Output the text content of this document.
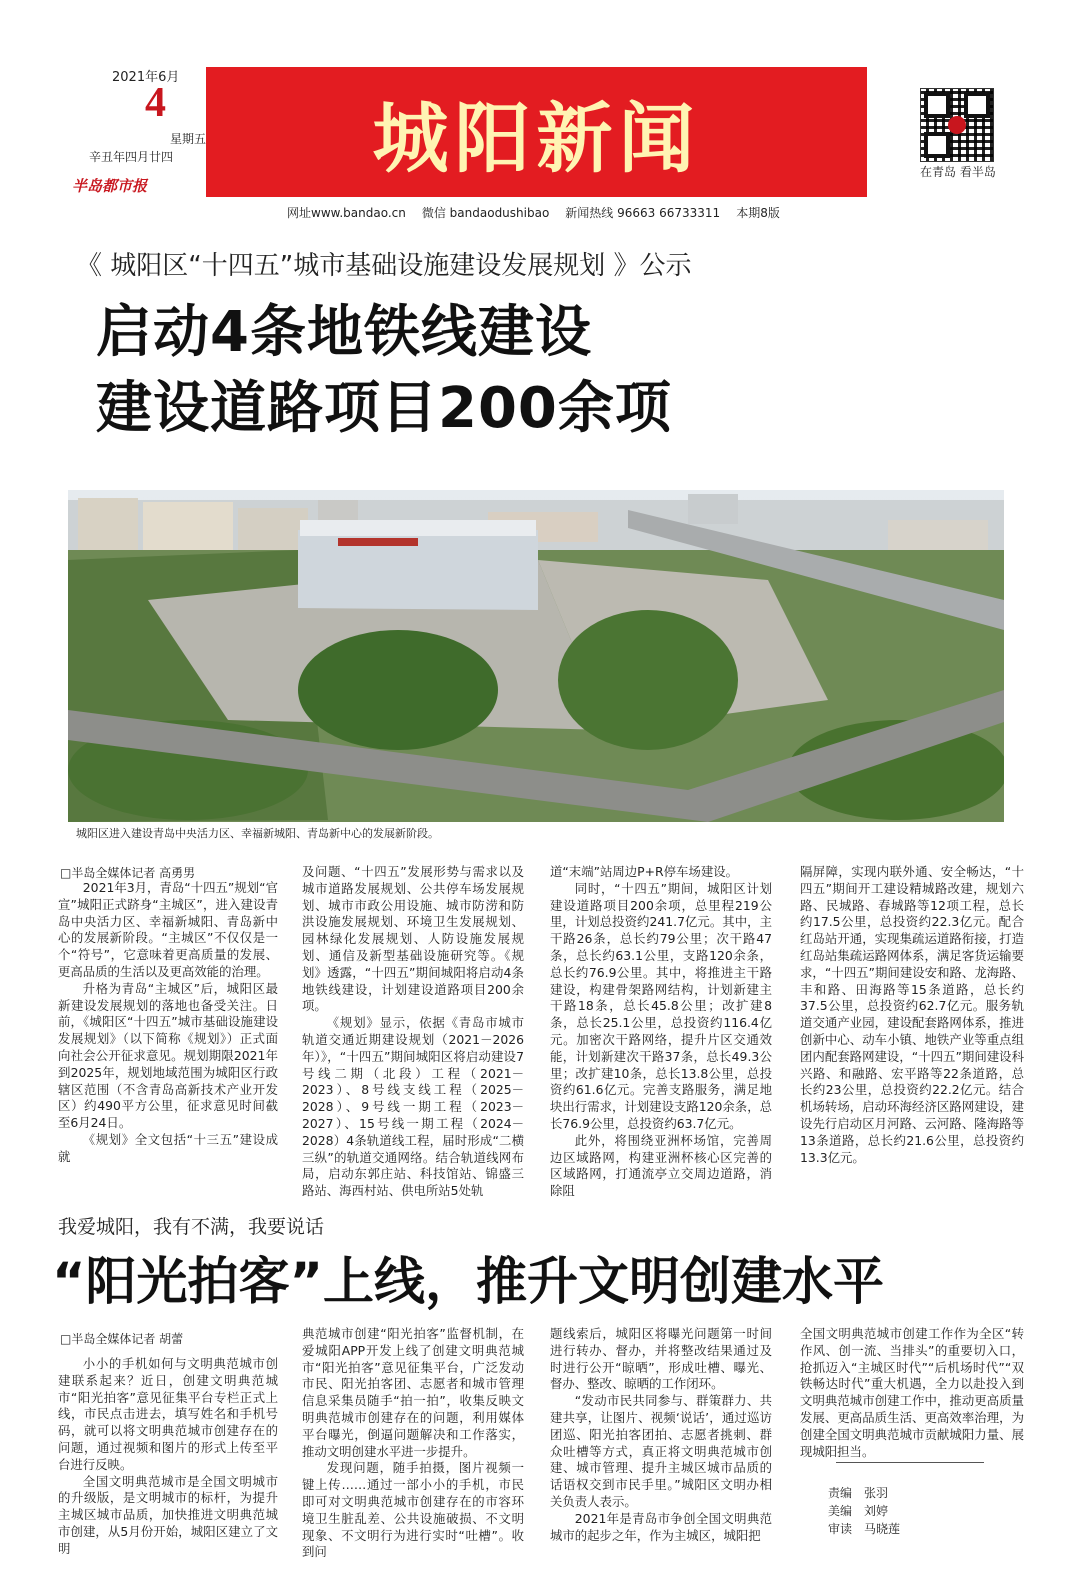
2021年6月
4
星期五
辛丑年四月廿四
半岛都市报
城阳新闻	在青岛 看半岛
网址www.bandao.cn 微信 bandaodushibao 新闻热线 96663 66733311 本期8版
《 城阳区“十四五”城市基础设施建设发展规划 》公示
启动4条地铁线建设
建设道路项目200余项
城阳区进入建设青岛中央活力区、幸福新城阳、青岛新中心的发展新阶段。
□半岛全媒体记者 高勇男

2021年3月，青岛“十四五”规划“官宣”城阳正式跻身“主城区”，进入建设青岛中央活力区、幸福新城阳、青岛新中心的发展新阶段。“主城区”不仅仅是一个“符号”，它意味着更高质量的发展、更高品质的生活以及更高效能的治理。

升格为青岛“主城区”后，城阳区最新建设发展规划的落地也备受关注。日前，《城阳区“十四五”城市基础设施建设发展规划》（以下简称《规划》）正式面向社会公开征求意见。规划期限2021年到2025年，规划地域范围为城阳区行政辖区范围（不含青岛高新技术产业开发区）约490平方公里，征求意见时间截至6月24日。

《规划》全文包括“十三五”建设成就

及问题、“十四五”发展形势与需求以及城市道路发展规划、公共停车场发展规划、城市市政公用设施、城市防涝和防洪设施发展规划、环境卫生发展规划、园林绿化发展规划、人防设施发展规划、通信及新型基础设施研究等。《规划》透露，“十四五”期间城阳将启动4条地铁线建设，计划建设道路项目200余项。

《规划》显示，依据《青岛市城市轨道交通近期建设规划（2021－2026年）》，“十四五”期间城阳区将启动建设7号线二期（北段）工程（2021－2023）、8号线支线工程（2025－2028）、9号线一期工程（2023－2027）、15号线一期工程（2024－2028）4条轨道线工程，届时形成“二横三纵”的轨道交通网络。结合轨道线网布局，启动东郭庄站、科技馆站、锦盛三路站、海西村站、供电所站5处轨

道“末端”站周边P+R停车场建设。

同时，“十四五”期间，城阳区计划建设道路项目200余项，总里程219公里，计划总投资约241.7亿元。其中，主干路26条，总长约79公里；次干路47条，总长约63.1公里，支路120余条，总长约76.9公里。其中，将推进主干路建设，构建骨架路网结构，计划新建主干路18条，总长45.8公里；改扩建8条，总长25.1公里，总投资约116.4亿元。加密次干路网络，提升片区交通效能，计划新建次干路37条，总长49.3公里；改扩建10条，总长13.8公里，总投资约61.6亿元。完善支路服务，满足地块出行需求，计划建设支路120余条，总长76.9公里，总投资约63.7亿元。

此外，将围绕亚洲杯场馆，完善周边区域路网，构建亚洲杯核心区完善的区域路网，打通流亭立交周边道路，消除阻

隔屏障，实现内联外通、安全畅达，“十四五”期间开工建设精城路改建，规划六路、民城路、春城路等12项工程，总长约17.5公里，总投资约22.3亿元。配合红岛站开通，实现集疏运道路衔接，打造红岛站集疏运路网体系，满足客货运输要求，“十四五”期间建设安和路、龙海路、丰和路、田海路等15条道路，总长约37.5公里，总投资约62.7亿元。服务轨道交通产业园，建设配套路网体系，推进创新中心、动车小镇、地铁产业等重点组团内配套路网建设，“十四五”期间建设科兴路、和融路、宏平路等22条道路，总长约23公里，总投资约22.2亿元。结合机场转场，启动环海经济区路网建设，建设先行启动区月河路、云河路、隆海路等13条道路，总长约21.6公里，总投资约13.3亿元。

我爱城阳，我有不满，我要说话
“阳光拍客”上线，推升文明创建水平
□半岛全媒体记者 胡蕾

小小的手机如何与文明典范城市创建联系起来？近日，创建文明典范城市“阳光拍客”意见征集平台专栏正式上线，市民点击进去，填写姓名和手机号码，就可以将文明典范城市创建存在的问题，通过视频和图片的形式上传至平台进行反映。

全国文明典范城市是全国文明城市的升级版，是文明城市的标杆，为提升主城区城市品质，加快推进文明典范城市创建，从5月份开始，城阳区建立了文明

典范城市创建“阳光拍客”监督机制，在爱城阳APP开发上线了创建文明典范城市“阳光拍客”意见征集平台，广泛发动市民、阳光拍客团、志愿者和城市管理信息采集员随手“拍一拍”，收集反映文明典范城市创建存在的问题，利用媒体平台曝光，倒逼问题解决和工作落实，推动文明创建水平进一步提升。

发现问题，随手拍摄，图片视频一键上传……通过一部小小的手机，市民即可对文明典范城市创建存在的市容环境卫生脏乱差、公共设施破损、不文明现象、不文明行为进行实时“吐槽”。收到问

题线索后，城阳区将曝光问题第一时间进行转办、督办，并将整改结果通过及时进行公开“晾晒”，形成吐槽、曝光、督办、整改、晾晒的工作闭环。

“发动市民共同参与、群策群力、共建共享，让图片、视频‘说话’，通过巡访团巡、阳光拍客团拍、志愿者挑刺、群众吐槽等方式，真正将文明典范城市创建、城市管理、提升主城区城市品质的话语权交到市民手里。”城阳区文明办相关负责人表示。

2021年是青岛市争创全国文明典范城市的起步之年，作为主城区，城阳把

全国文明典范城市创建工作作为全区“转作风、创一流、当排头”的重要切入口，抢抓迈入“主城区时代”“后机场时代”“双铁畅达时代”重大机遇，全力以赴投入到文明典范城市创建工作中，推动更高质量发展、更高品质生活、更高效率治理，为创建全国文明典范城市贡献城阳力量、展现城阳担当。

责编 张羽
美编 刘婷
审读 马晓莲
